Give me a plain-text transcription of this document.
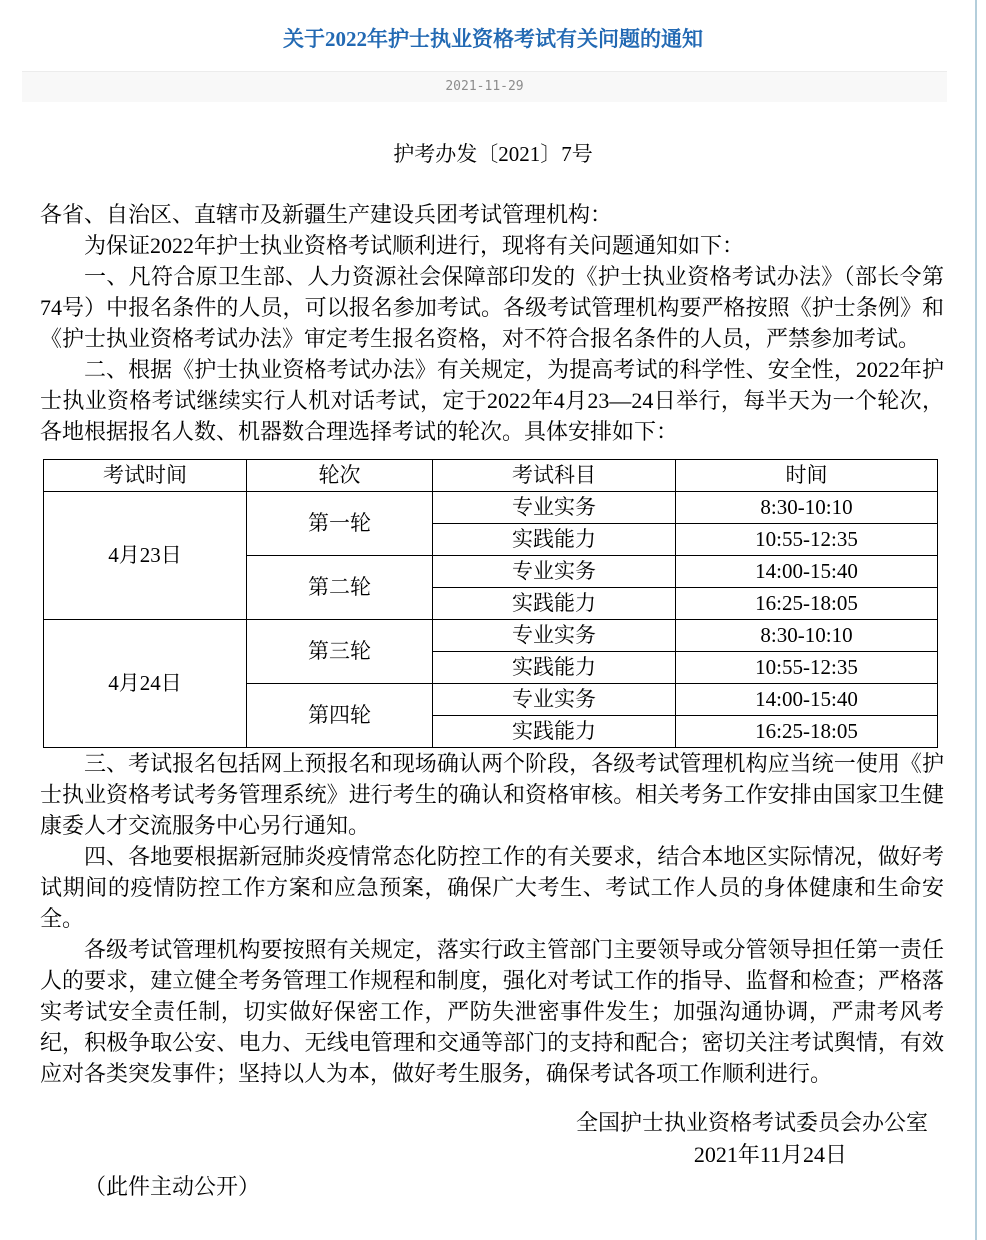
关于2022年护士执业资格考试有关问题的通知
2021-11-29
护考办发〔2021〕7号

各省、自治区、直辖市及新疆生产建设兵团考试管理机构：

为保证2022年护士执业资格考试顺利进行，现将有关问题通知如下：

一、凡符合原卫生部、人力资源社会保障部印发的《护士执业资格考试办法》（部长令第74号）中报名条件的人员，可以报名参加考试。各级考试管理机构要严格按照《护士条例》和《护士执业资格考试办法》审定考生报名资格，对不符合报名条件的人员，严禁参加考试。

二、根据《护士执业资格考试办法》有关规定，为提高考试的科学性、安全性，2022年护士执业资格考试继续实行人机对话考试，定于2022年4月23—24日举行，每半天为一个轮次，各地根据报名人数、机器数合理选择考试的轮次。具体安排如下：

考试时间	轮次	考试科目	时间
4月23日	第一轮	专业实务	8:30-10:10
		实践能力	10:55-12:35
	第二轮	专业实务	14:00-15:40
		实践能力	16:25-18:05
4月24日	第三轮	专业实务	8:30-10:10
		实践能力	10:55-12:35
	第四轮	专业实务	14:00-15:40
		实践能力	16:25-18:05

三、考试报名包括网上预报名和现场确认两个阶段，各级考试管理机构应当统一使用《护士执业资格考试考务管理系统》进行考生的确认和资格审核。相关考务工作安排由国家卫生健康委人才交流服务中心另行通知。

四、各地要根据新冠肺炎疫情常态化防控工作的有关要求，结合本地区实际情况，做好考试期间的疫情防控工作方案和应急预案，确保广大考生、考试工作人员的身体健康和生命安全。

各级考试管理机构要按照有关规定，落实行政主管部门主要领导或分管领导担任第一责任人的要求，建立健全考务管理工作规程和制度，强化对考试工作的指导、监督和检查；严格落实考试安全责任制，切实做好保密工作，严防失泄密事件发生；加强沟通协调，严肃考风考纪，积极争取公安、电力、无线电管理和交通等部门的支持和配合；密切关注考试舆情，有效应对各类突发事件；坚持以人为本，做好考生服务，确保考试各项工作顺利进行。

全国护士执业资格考试委员会办公室
2021年11月24日

（此件主动公开）
